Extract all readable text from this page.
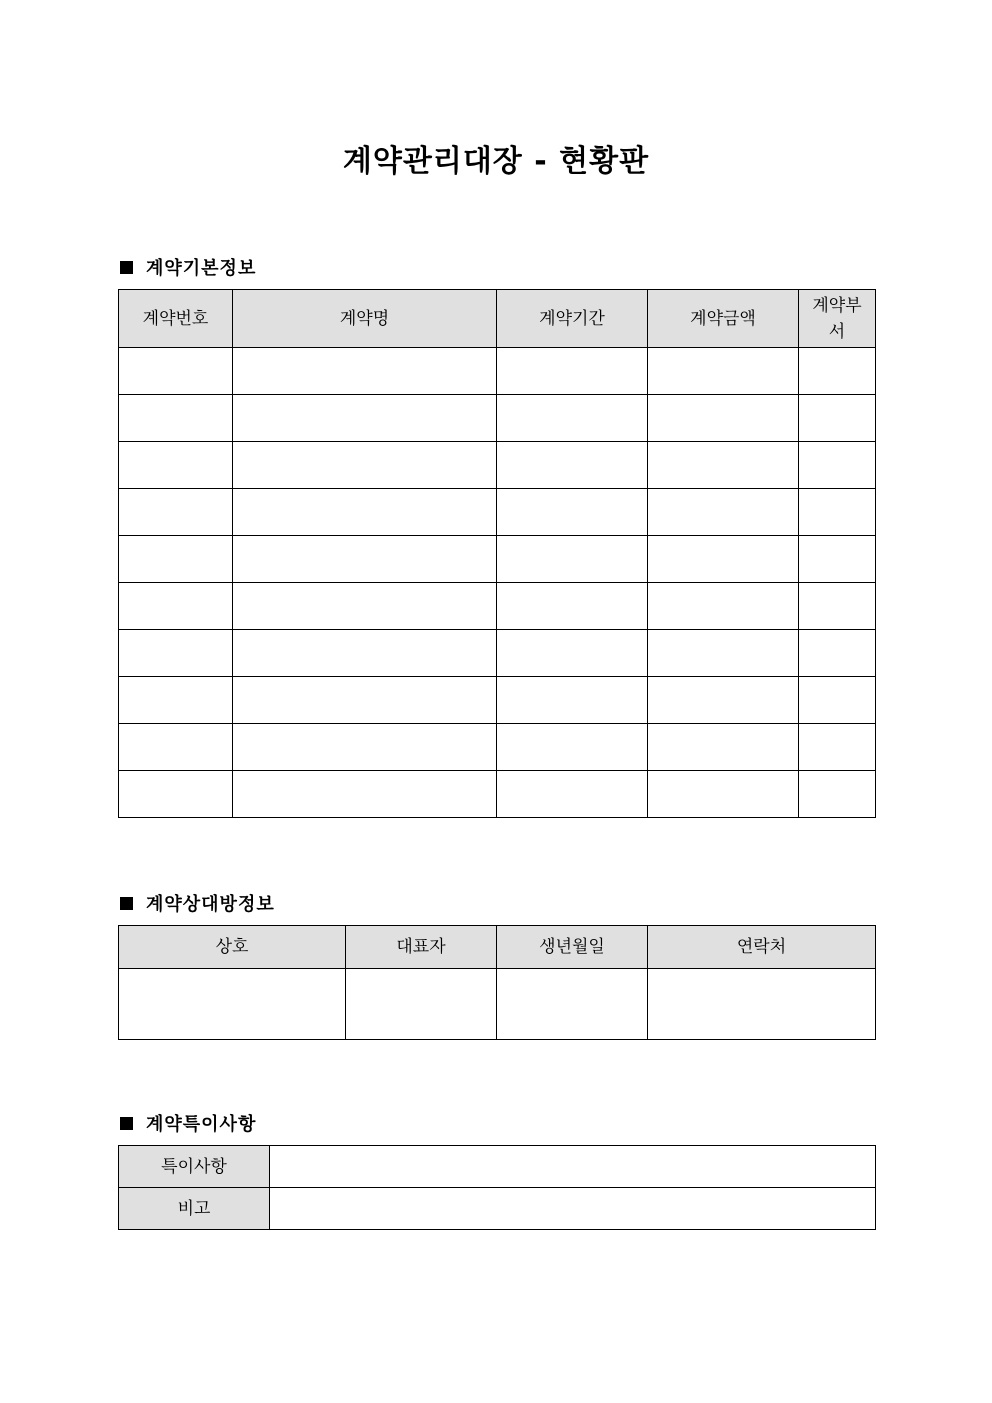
계약관리대장 - 현황판
계약기본정보
계약번호	계약명	계약기간	계약금액	계약부서

계약상대방정보
상호	대표자	생년월일	연락처

계약특이사항
특이사항	
비고	
